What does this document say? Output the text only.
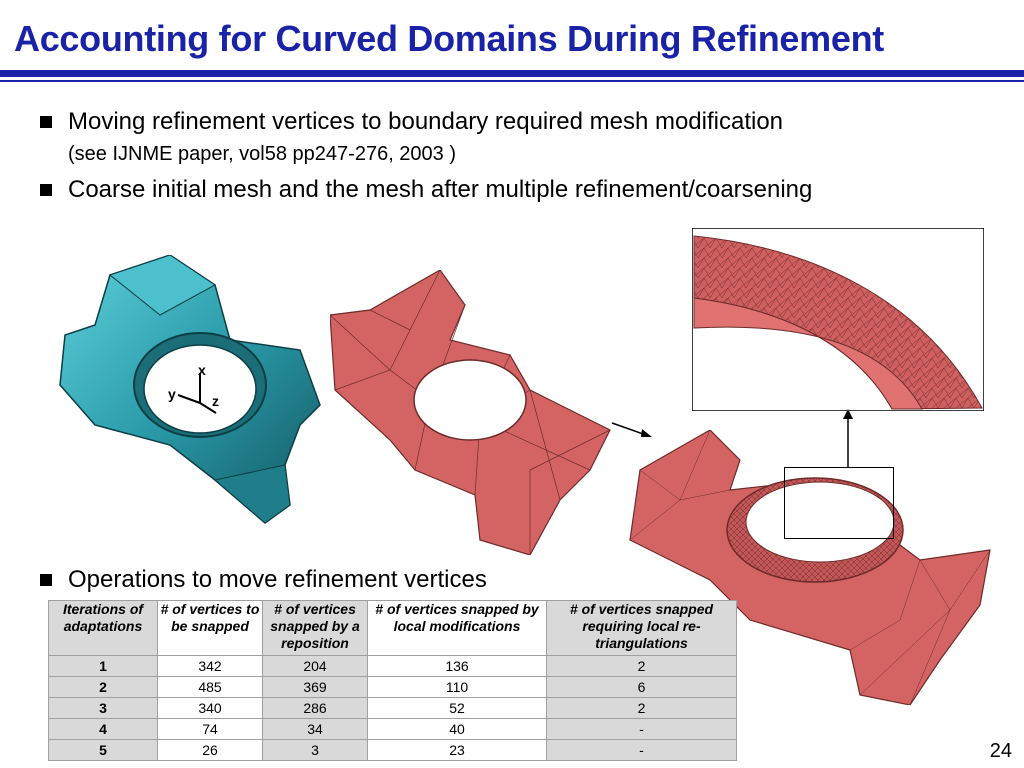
Accounting for Curved Domains During Refinement
Moving refinement vertices to boundary required mesh modification
(see IJNME paper, vol58 pp247-276, 2003 )
Coarse initial mesh and the mesh after multiple refinement/coarsening
Operations to move refinement vertices
x
y	z
Iterations of adaptations	# of vertices to be snapped	# of vertices snapped by a reposition	# of vertices snapped by local modifications	# of vertices snapped requiring local re-triangulations
1	342	204	136	2
2	485	369	110	6
3	340	286	52	2
4	74	34	40	-
5	26	3	23	-	24
